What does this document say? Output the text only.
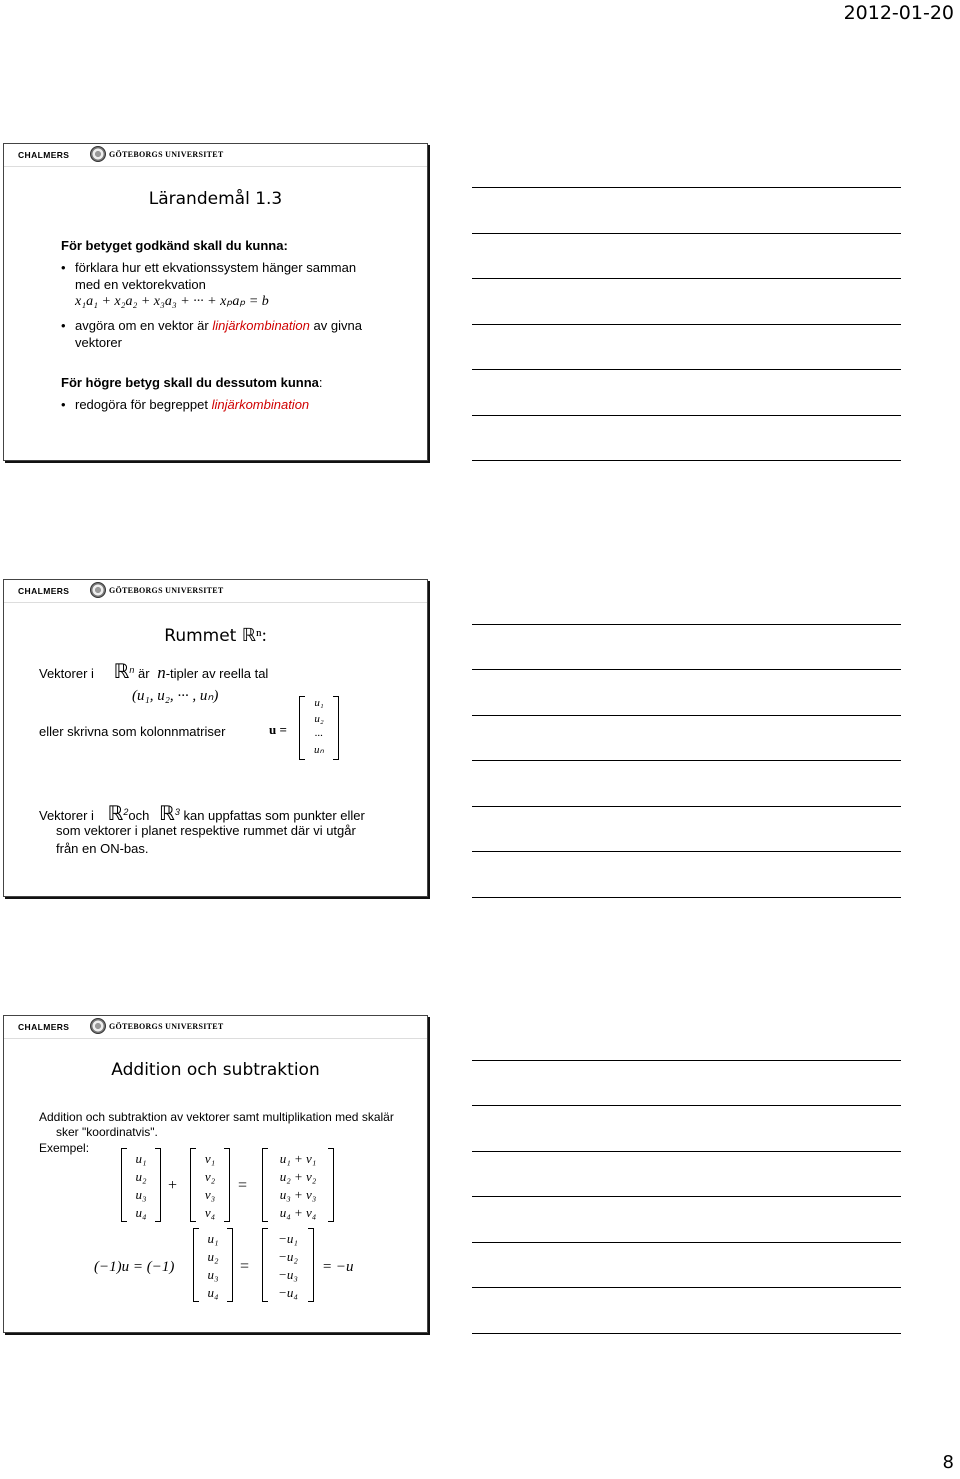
2012-01-20
CHALMERS	GÖTEBORGS UNIVERSITET
Lärandemål 1.3
För betyget godkänd skall du kunna:
• förklara hur ett ekvationssystem hänger samman
med en vektorekvation
x₁a₁ + x₂a₂ + x₃a₃ + ··· + xₚaₚ = b
• avgöra om en vektor är linjärkombination av givna
vektorer
För högre betyg skall du dessutom kunna:
• redogöra för begreppet linjärkombination
CHALMERS	GÖTEBORGS UNIVERSITET
Rummet ℝⁿ:
Vektorer i ℝ$^n$ är n-tipler av reella tal
(u₁, u₂, ··· , uₙ)
eller skrivna som kolonnmatriser	u =
u₁
u₂
...
uₙ
Vektorer i ℝ$^2$och ℝ$^3$ kan uppfattas som punkter eller
som vektorer i planet respektive rummet där vi utgår
från en ON-bas.
CHALMERS	GÖTEBORGS UNIVERSITET
Addition och subtraktion
Addition och subtraktion av vektorer samt multiplikation med skalär
sker "koordinatvis".
Exempel:
u₁
u₂
u₃
u₄
+
v₁
v₂
v₃
v₄
=
u₁ + v₁
u₂ + v₂
u₃ + v₃
u₄ + v₄
(−1)u = (−1)
u₁
u₂
u₃
u₄
=
−u₁
−u₂
−u₃
−u₄
= −u
8
